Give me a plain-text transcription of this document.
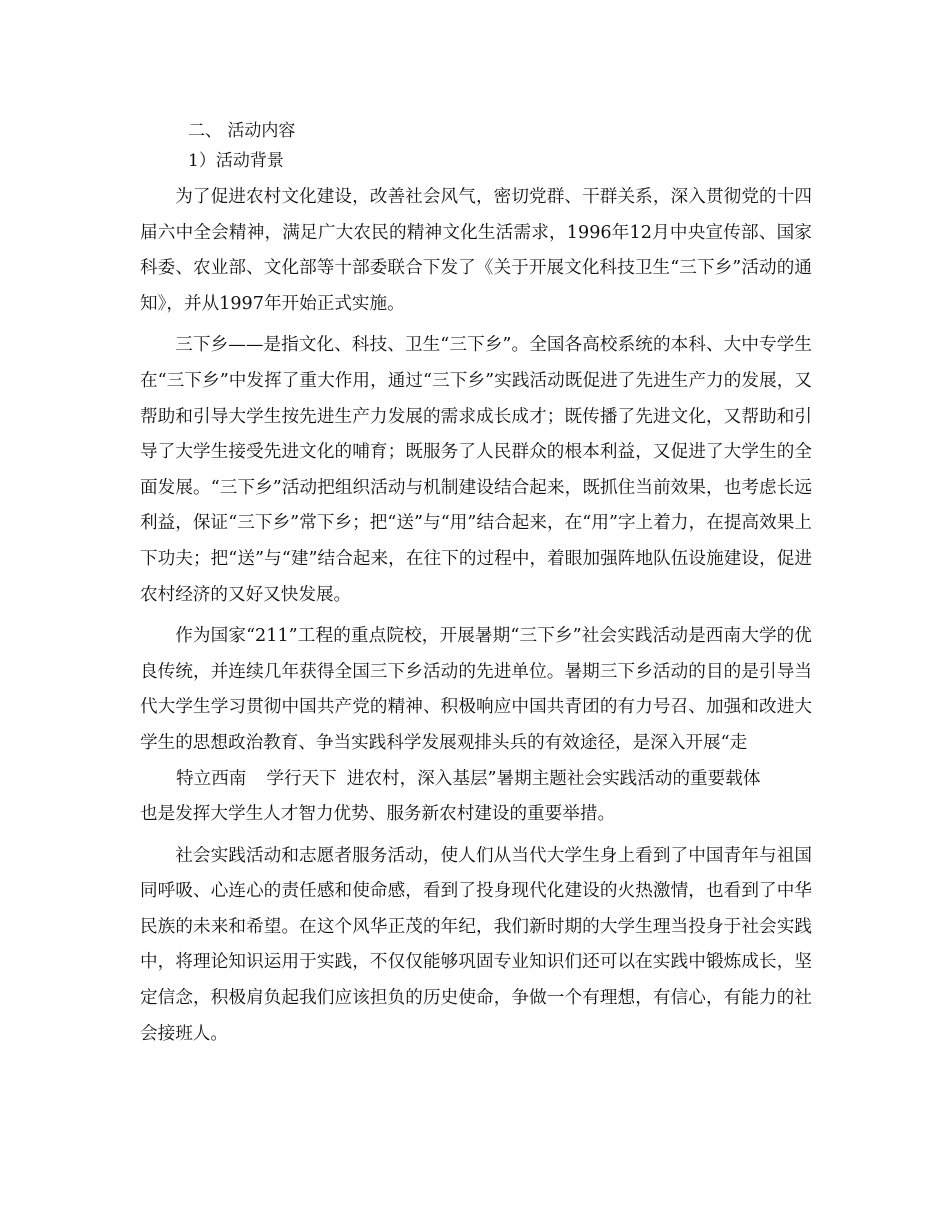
二、 活动内容

1）活动背景

为了促进农村文化建设，改善社会风气，密切党群、干群关系，深入贯彻党的十四届六中全会精神，满足广大农民的精神文化生活需求，1996年12月中央宣传部、国家科委、农业部、文化部等十部委联合下发了《关于开展文化科技卫生“三下乡”活动的通知》，并从1997年开始正式实施。

三下乡——是指文化、科技、卫生“三下乡”。全国各高校系统的本科、大中专学生在“三下乡”中发挥了重大作用，通过“三下乡”实践活动既促进了先进生产力的发展，又帮助和引导大学生按先进生产力发展的需求成长成才；既传播了先进文化，又帮助和引导了大学生接受先进文化的哺育；既服务了人民群众的根本利益，又促进了大学生的全面发展。“三下乡”活动把组织活动与机制建设结合起来，既抓住当前效果，也考虑长远利益，保证“三下乡”常下乡；把“送”与“用”结合起来，在“用”字上着力，在提高效果上下功夫；把“送”与“建”结合起来，在往下的过程中，着眼加强阵地队伍设施建设，促进农村经济的又好又快发展。

作为国家“211”工程的重点院校，开展暑期“三下乡”社会实践活动是西南大学的优良传统，并连续几年获得全国三下乡活动的先进单位。暑期三下乡活动的目的是引导当代大学生学习贯彻中国共产党的精神、积极响应中国共青团的有力号召、加强和改进大学生的思想政治教育、争当实践科学发展观排头兵的有效途径，是深入开展“走

特立西南 学行天下 进农村，深入基层”暑期主题社会实践活动的重要载体

也是发挥大学生人才智力优势、服务新农村建设的重要举措。

社会实践活动和志愿者服务活动，使人们从当代大学生身上看到了中国青年与祖国同呼吸、心连心的责任感和使命感，看到了投身现代化建设的火热激情，也看到了中华民族的未来和希望。在这个风华正茂的年纪，我们新时期的大学生理当投身于社会实践中，将理论知识运用于实践，不仅仅能够巩固专业知识们还可以在实践中锻炼成长，坚定信念，积极肩负起我们应该担负的历史使命，争做一个有理想，有信心，有能力的社会接班人。
